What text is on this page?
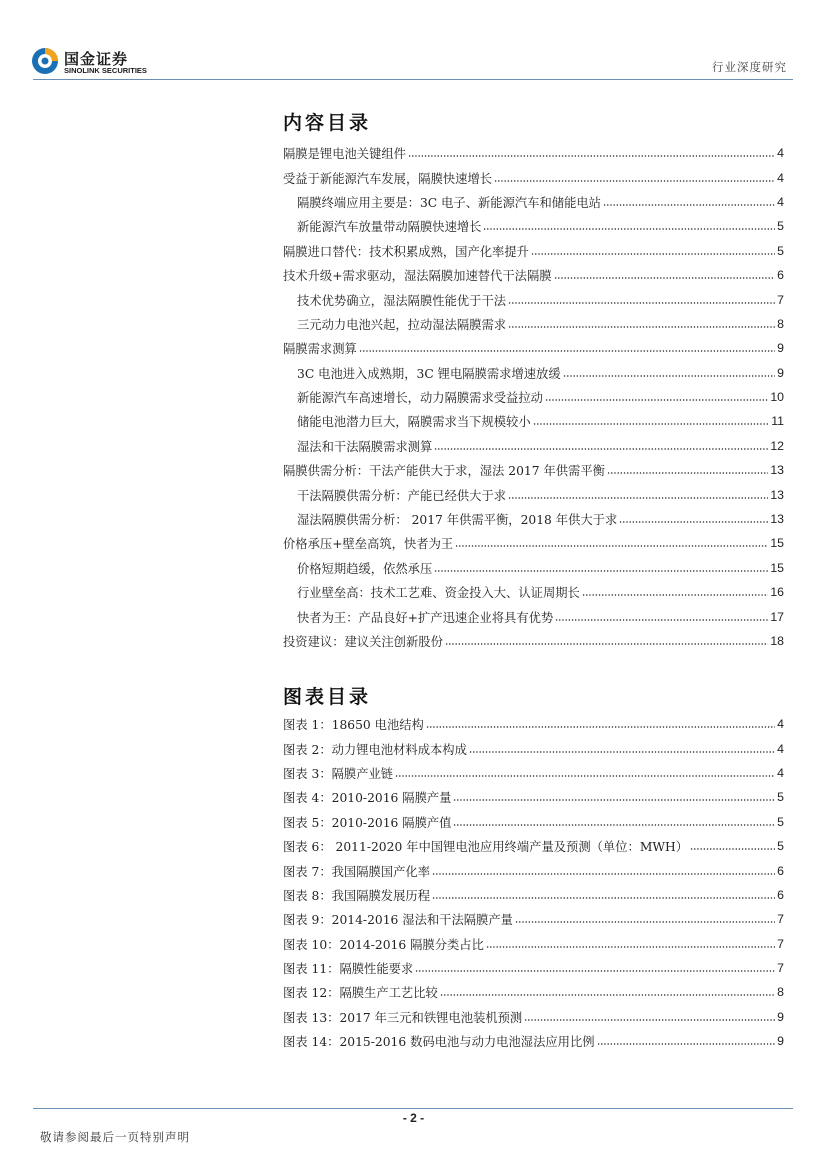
国金证券
SINOLINK SECURITIES	行业深度研究
内容目录
隔膜是锂电池关键组件	4
受益于新能源汽车发展，隔膜快速增长	4
隔膜终端应用主要是：3C 电子、新能源汽车和储能电站	4
新能源汽车放量带动隔膜快速增长	5
隔膜进口替代：技术积累成熟，国产化率提升	5
技术升级+需求驱动，湿法隔膜加速替代干法隔膜	6
技术优势确立，湿法隔膜性能优于干法	7
三元动力电池兴起，拉动湿法隔膜需求	8
隔膜需求测算	9
3C 电池进入成熟期，3C 锂电隔膜需求增速放缓	9
新能源汽车高速增长，动力隔膜需求受益拉动	10
储能电池潜力巨大，隔膜需求当下规模较小	11
湿法和干法隔膜需求测算	12
隔膜供需分析：干法产能供大于求，湿法 2017 年供需平衡	13
干法隔膜供需分析：产能已经供大于求	13
湿法隔膜供需分析： 2017 年供需平衡，2018 年供大于求	13
价格承压+壁垒高筑，快者为王	15
价格短期趋缓，依然承压	15
行业壁垒高：技术工艺难、资金投入大、认证周期长	16
快者为王：产品良好+扩产迅速企业将具有优势	17
投资建议：建议关注创新股份	18
图表目录
图表 1：18650 电池结构	4
图表 2：动力锂电池材料成本构成	4
图表 3：隔膜产业链	4
图表 4：2010-2016 隔膜产量	5
图表 5：2010-2016 隔膜产值	5
图表 6： 2011-2020 年中国锂电池应用终端产量及预测（单位：MWH）	5
图表 7：我国隔膜国产化率	6
图表 8：我国隔膜发展历程	6
图表 9：2014-2016 湿法和干法隔膜产量	7
图表 10：2014-2016 隔膜分类占比	7
图表 11：隔膜性能要求	7
图表 12：隔膜生产工艺比较	8
图表 13：2017 年三元和铁锂电池装机预测	9
图表 14：2015-2016 数码电池与动力电池湿法应用比例	9
- 2 -
敬请参阅最后一页特别声明
